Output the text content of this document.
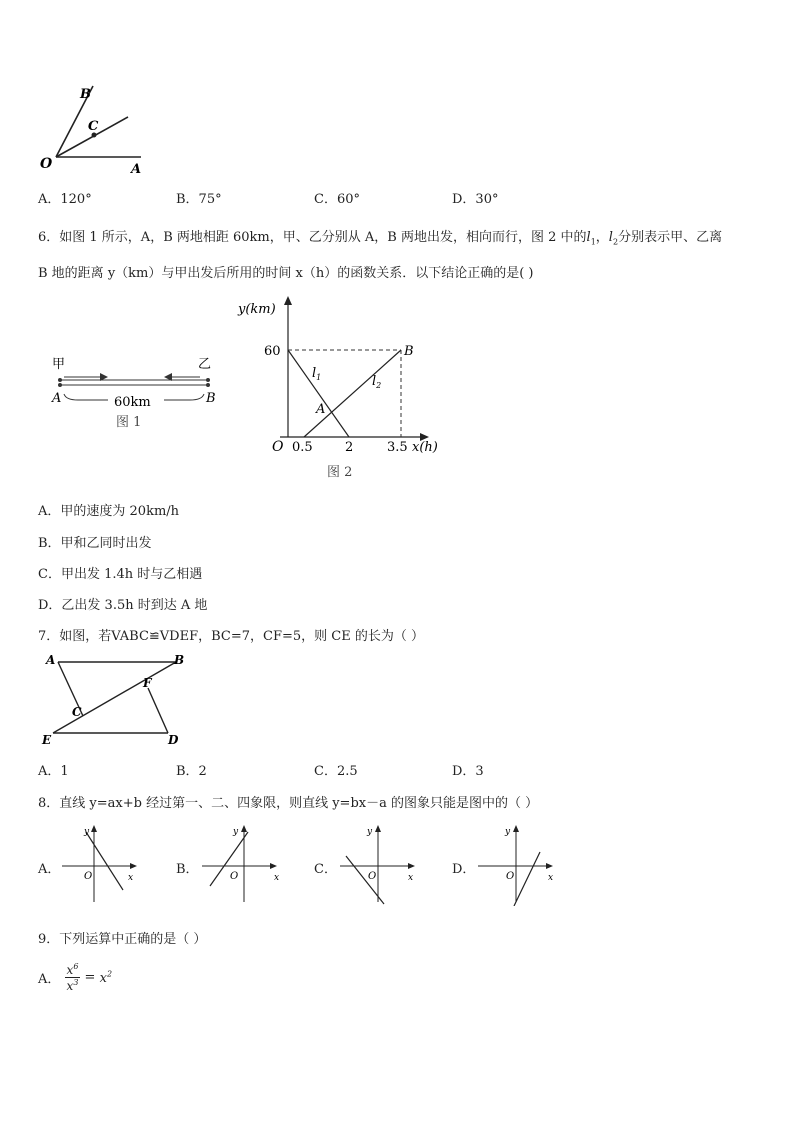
B
C
O	A
A．120°	B．75°	C．60°	D．30°
6．如图 1 所示，A，B 两地相距 60km，甲、乙分别从 A，B 两地出发，相向而行，图 2 中的$l_1$，$l_2$分别表示甲、乙离
B 地的距离 y（km）与甲出发后所用的时间 x（h）的函数关系．以下结论正确的是( )
甲	乙
A	60km	B
图 1
y(km)
60	B
$l_1$	$l_2$
A
O 0.5 2	3.5 x(h)
图 2
A．甲的速度为 20km/h
B．甲和乙同时出发
C．甲出发 1.4h 时与乙相遇
D．乙出发 3.5h 时到达 A 地
7．如图，若VABC≌VDEF，BC=7，CF=5，则 CE 的长为（ ）
A	B
F
C
E	D
A．1	B．2	C．2.5	D．3
8．直线 y=ax+b 经过第一、二、四象限，则直线 y=bx－a 的图象只能是图中的（ ）
A．
y
x
O	B．
y
x
O	C．
y
x
O	D．
y
x
O
9．下列运算中正确的是（ ）
A． $\frac{x^6}{x^3} = x^2$
